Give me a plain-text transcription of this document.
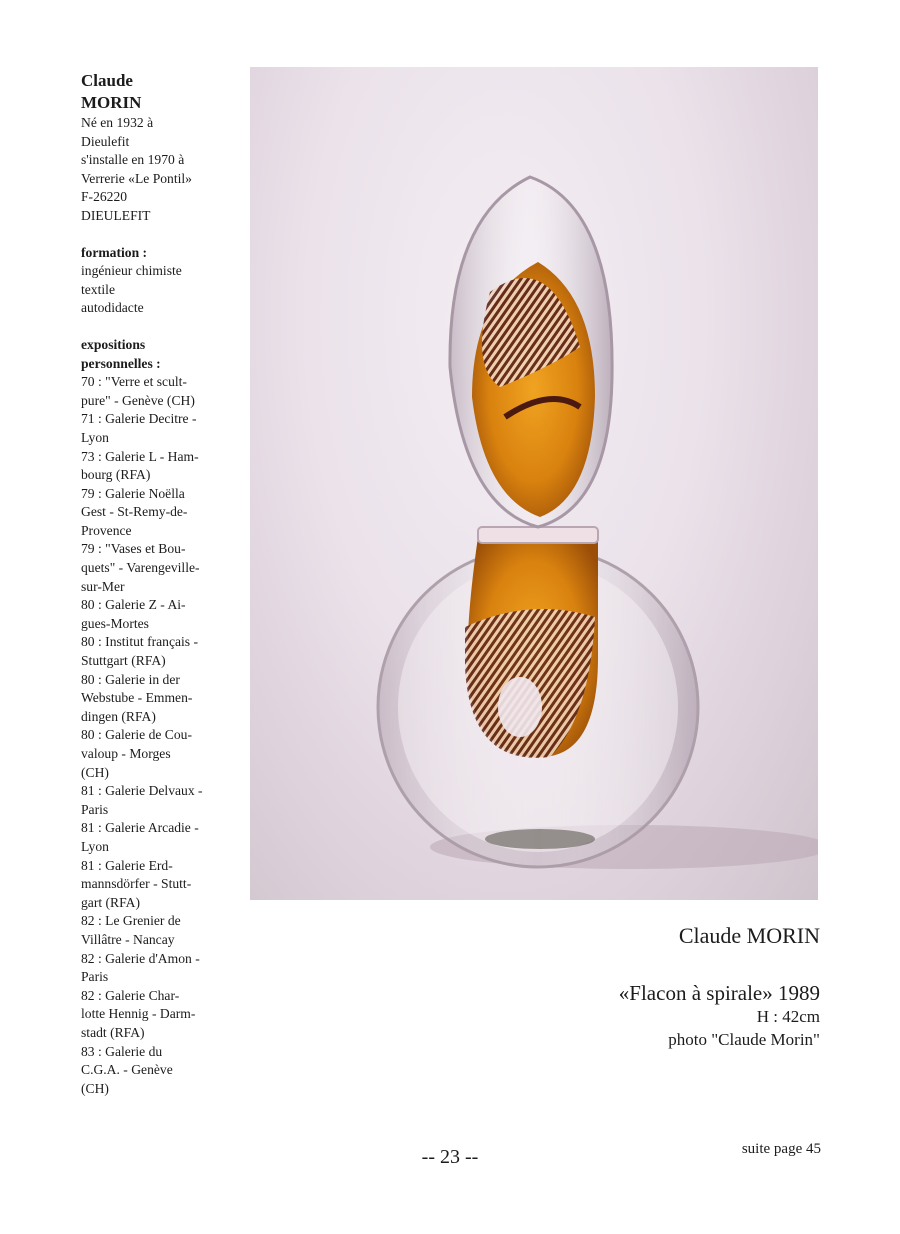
Claude
MORIN
Né en 1932 à
Dieulefit
s'installe en 1970 à
Verrerie «Le Pontil»
F-26220
DIEULEFIT
formation :
ingénieur chimiste
textile
autodidacte
expositions personnelles :
70 : "Verre et scult-
pure" - Genève (CH)
71 : Galerie Decitre -
Lyon
73 : Galerie L - Ham-
bourg (RFA)
79 : Galerie Noëlla
Gest - St-Remy-de-
Provence
79 : "Vases et Bou-
quets" - Varengeville-
sur-Mer
80 : Galerie Z - Ai-
gues-Mortes
80 : Institut français -
Stuttgart (RFA)
80 : Galerie in der
Webstube - Emmen-
dingen (RFA)
80 : Galerie de Cou-
valoup - Morges
(CH)
81 : Galerie Delvaux -
Paris
81 : Galerie Arcadie -
Lyon
81 : Galerie Erd-
mannsdörfer - Stutt-
gart (RFA)
82 : Le Grenier de
Villâtre - Nancay
82 : Galerie d'Amon -
Paris
82 : Galerie Char-
lotte Hennig - Darm-
stadt (RFA)
83 : Galerie du
C.G.A. - Genève
(CH)
Claude MORIN
«Flacon à spirale» 1989
H : 42cm
photo "Claude Morin"
-- 23 --	suite page 45
